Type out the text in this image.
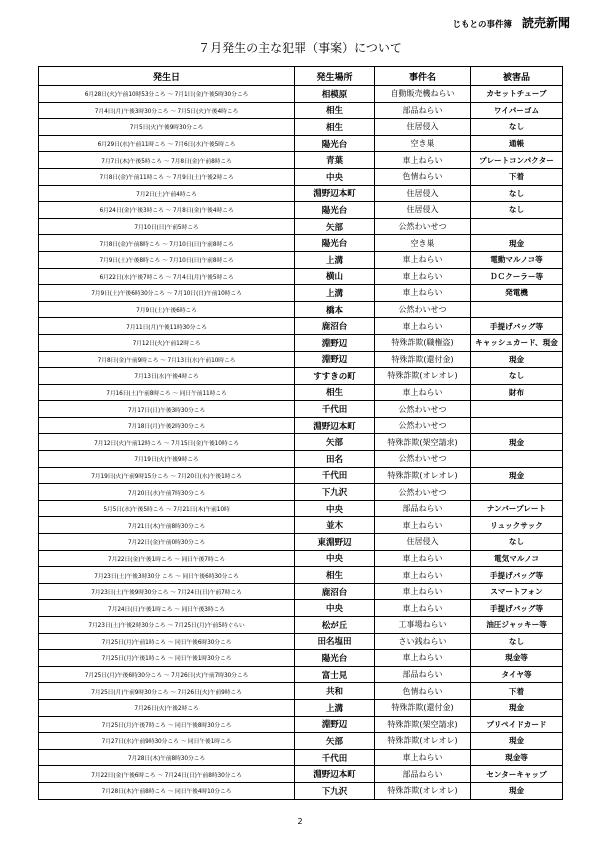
じもとの事件簿 読売新聞
７月発生の主な犯罪（事案）について
発生日	発生場所	事件名	被害品
6月28日(火)午前10時53分ころ ～ 7月1日(金)午後5時30分ころ	相模原	自動販売機ねらい	カセットチューブ
7月4日(月)午後3時30分ころ ～ 7月5日(火)午後4時ころ	相生	部品ねらい	ワイパーゴム
7月5日(火)午後9時30分ころ	相生	住居侵入	なし
6月29日(水)午前11時ころ ～ 7月6日(水)午後5時ころ	陽光台	空き巣	通帳
7月7日(木)午後5時ころ ～ 7月8日(金)午前8時ころ	青葉	車上ねらい	プレートコンパクター
7月8日(金)午前11時ころ ～ 7月9日(土)午後2時ころ	中央	色情ねらい	下着
7月2日(土)午前4時ころ	淵野辺本町	住居侵入	なし
6月24日(金)午後3時ころ ～ 7月8日(金)午後4時ころ	陽光台	住居侵入	なし
7月10日(日)午前5時ころ	矢部	公然わいせつ	
7月8日(金)午前8時ころ ～ 7月10日(日)午前8時ころ	陽光台	空き巣	現金
7月9日(土)午後8時ころ ～ 7月10日(日)午前8時ころ	上溝	車上ねらい	電動マルノコ等
6月22日(水)午後7時ころ ～ 7月4日(月)午後5時ころ	横山	車上ねらい	ＤＣクーラー等
7月9日(土)午後6時30分ころ ～ 7月10日(日)午前10時ころ	上溝	車上ねらい	発電機
7月9日(土)午後6時ころ	橋本	公然わいせつ	
7月11日(月)午後11時30分ころ	鹿沼台	車上ねらい	手提げバッグ等
7月12日(火)午前12時ころ	淵野辺	特殊詐欺(職権盗)	キャッシュカード、現金
7月8日(金)午前9時ころ ～ 7月13日(水)午前10時ころ	淵野辺	特殊詐欺(還付金)	現金
7月13日(水)午後4時ころ	すすきの町	特殊詐欺(オレオレ)	なし
7月16日(土)午前8時ころ ～ 同日午前11時ころ	相生	車上ねらい	財布
7月17日(日)午後3時30分ころ	千代田	公然わいせつ	
7月18日(月)午後2時30分ころ	淵野辺本町	公然わいせつ	
7月12日(火)午前12時ころ ～ 7月15日(金)午後10時ころ	矢部	特殊詐欺(架空請求)	現金
7月19日(火)午後9時ころ	田名	公然わいせつ	
7月19日(火)午前9時15分ころ ～ 7月20日(水)午後1時ころ	千代田	特殊詐欺(オレオレ)	現金
7月20日(水)午前7時30分ころ	下九沢	公然わいせつ	
5月5日(水)午後5時ころ ～ 7月21日(木)午前10時	中央	部品ねらい	ナンバープレート
7月21日(木)午前8時30分ころ	並木	車上ねらい	リュックサック
7月22日(金)午前0時30分ころ	東淵野辺	住居侵入	なし
7月22日(金)午後1時ころ ～ 同日午後7時ころ	中央	車上ねらい	電気マルノコ
7月23日(土)午後3時30分 ころ ～ 同日午後6時30分ころ	相生	車上ねらい	手提げバッグ等
7月23日(土)午後9時30分ころ ～ 7月24日(日)午前7時ころ	鹿沼台	車上ねらい	スマートフォン
7月24日(日)午後1時ころ ～ 同日午後3時ころ	中央	車上ねらい	手提げバッグ等
7月23日(土)午後2時30分ころ ～ 7月25日(月)午前5時ぐらい	松が丘	工事場ねらい	油圧ジャッキー等
7月25日(月)午前1時ころ ～ 同日午後6時30分ころ	田名塩田	さい銭ねらい	なし
7月25日(月)午後1時ころ ～ 同日午後1時30分ころ	陽光台	車上ねらい	現金等
7月25日(月)午後6時30分ころ ～ 7月26日(火)午前7時30分ころ	富士見	部品ねらい	タイヤ等
7月25日(月)午前9時30分ころ ～ 7月26日(火)午前9時ころ	共和	色情ねらい	下着
7月26日(火)午後2時ころ	上溝	特殊詐欺(還付金)	現金
7月25日(月)午後7時ころ ～ 同日午後8時30分ころ	淵野辺	特殊詐欺(架空請求)	プリペイドカード
7月27日(水)午前9時30分ころ ～ 同日午後1時ころ	矢部	特殊詐欺(オレオレ)	現金
7月28日(木)午前8時30分ころ	千代田	車上ねらい	現金等
7月22日(金)午後6時ころ ～ 7月24日(日)午前8時30分ころ	淵野辺本町	部品ねらい	センターキャップ
7月28日(木)午前8時ころ ～ 同日午後4時10分ころ	下九沢	特殊詐欺(オレオレ)	現金
2
